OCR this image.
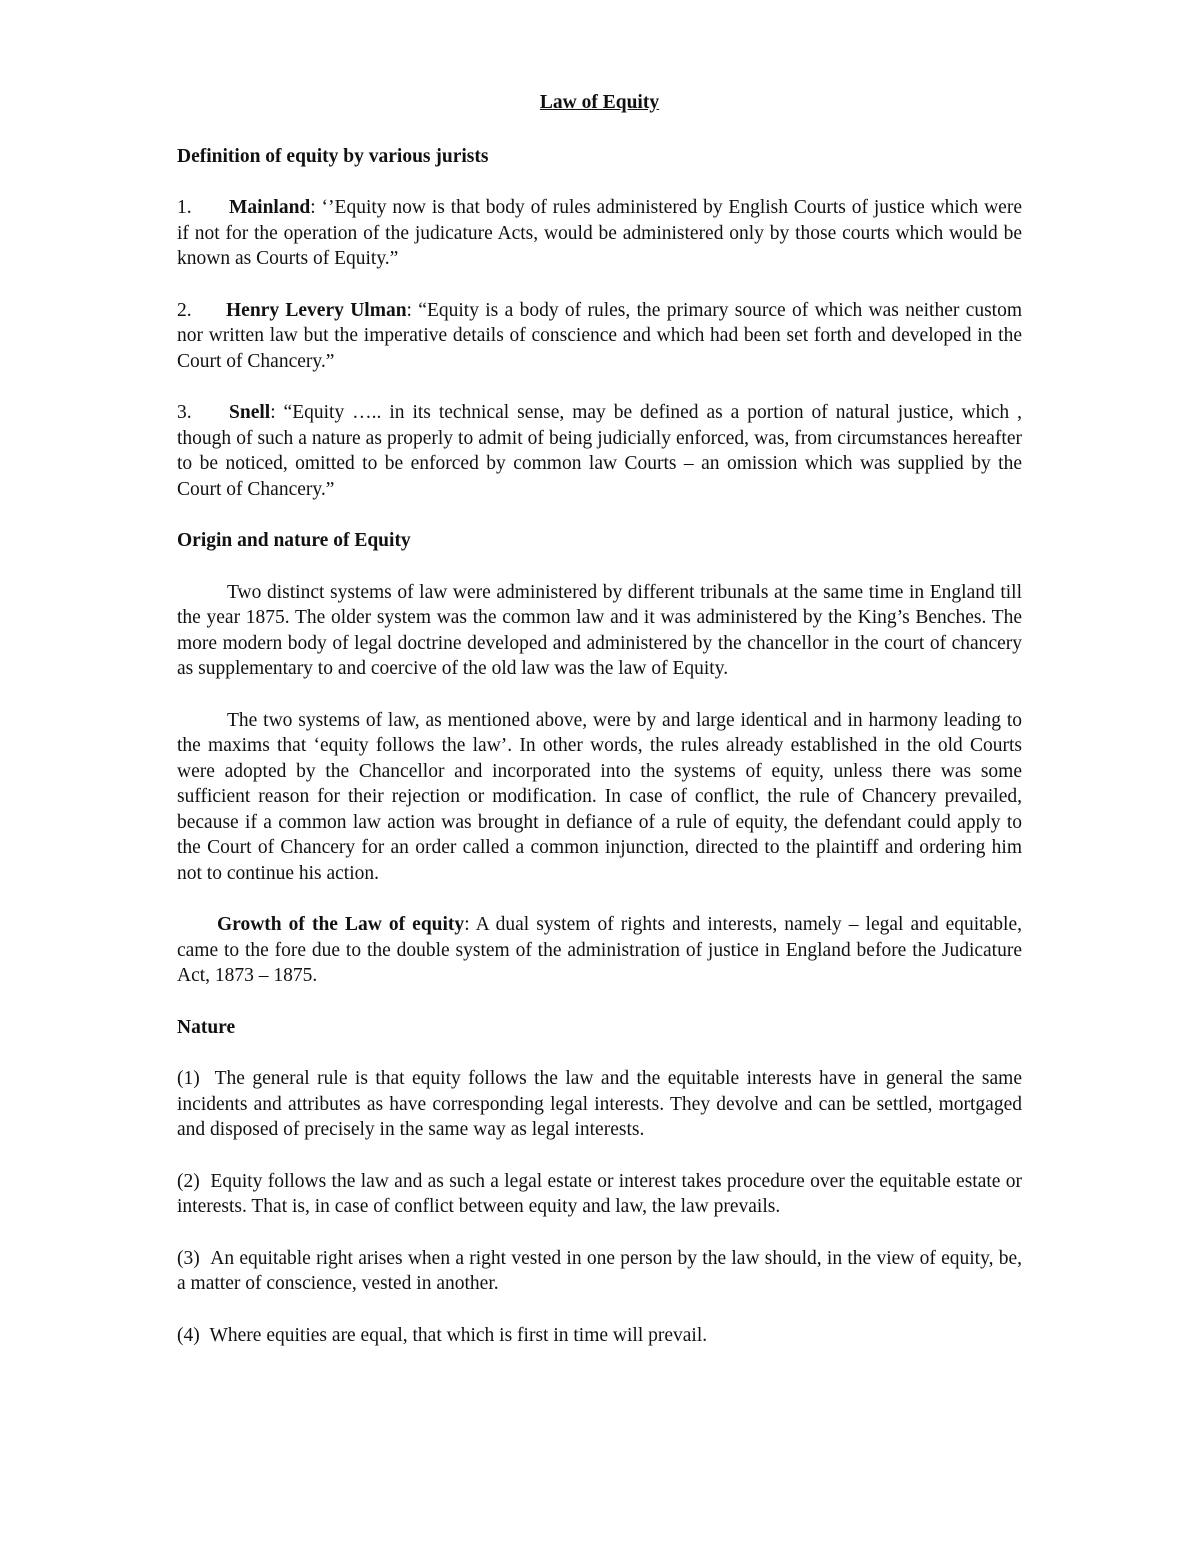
Law of Equity

Definition of equity by various jurists

1. Mainland: ‘’Equity now is that body of rules administered by English Courts of justice which were if not for the operation of the judicature Acts, would be administered only by those courts which would be known as Courts of Equity.”

2. Henry Levery Ulman: “Equity is a body of rules, the primary source of which was neither custom nor written law but the imperative details of conscience and which had been set forth and developed in the Court of Chancery.”

3. Snell: “Equity ….. in its technical sense, may be defined as a portion of natural justice, which , though of such a nature as properly to admit of being judicially enforced, was, from circumstances hereafter to be noticed, omitted to be enforced by common law Courts – an omission which was supplied by the Court of Chancery.”

Origin and nature of Equity

Two distinct systems of law were administered by different tribunals at the same time in England till the year 1875. The older system was the common law and it was administered by the King’s Benches. The more modern body of legal doctrine developed and administered by the chancellor in the court of chancery as supplementary to and coercive of the old law was the law of Equity.

The two systems of law, as mentioned above, were by and large identical and in harmony leading to the maxims that ‘equity follows the law’. In other words, the rules already established in the old Courts were adopted by the Chancellor and incorporated into the systems of equity, unless there was some sufficient reason for their rejection or modification. In case of conflict, the rule of Chancery prevailed, because if a common law action was brought in defiance of a rule of equity, the defendant could apply to the Court of Chancery for an order called a common injunction, directed to the plaintiff and ordering him not to continue his action.

Growth of the Law of equity: A dual system of rights and interests, namely – legal and equitable, came to the fore due to the double system of the administration of justice in England before the Judicature Act, 1873 – 1875.

Nature

(1) The general rule is that equity follows the law and the equitable interests have in general the same incidents and attributes as have corresponding legal interests. They devolve and can be settled, mortgaged and disposed of precisely in the same way as legal interests.

(2) Equity follows the law and as such a legal estate or interest takes procedure over the equitable estate or interests. That is, in case of conflict between equity and law, the law prevails.

(3) An equitable right arises when a right vested in one person by the law should, in the view of equity, be, a matter of conscience, vested in another.

(4) Where equities are equal, that which is first in time will prevail.
